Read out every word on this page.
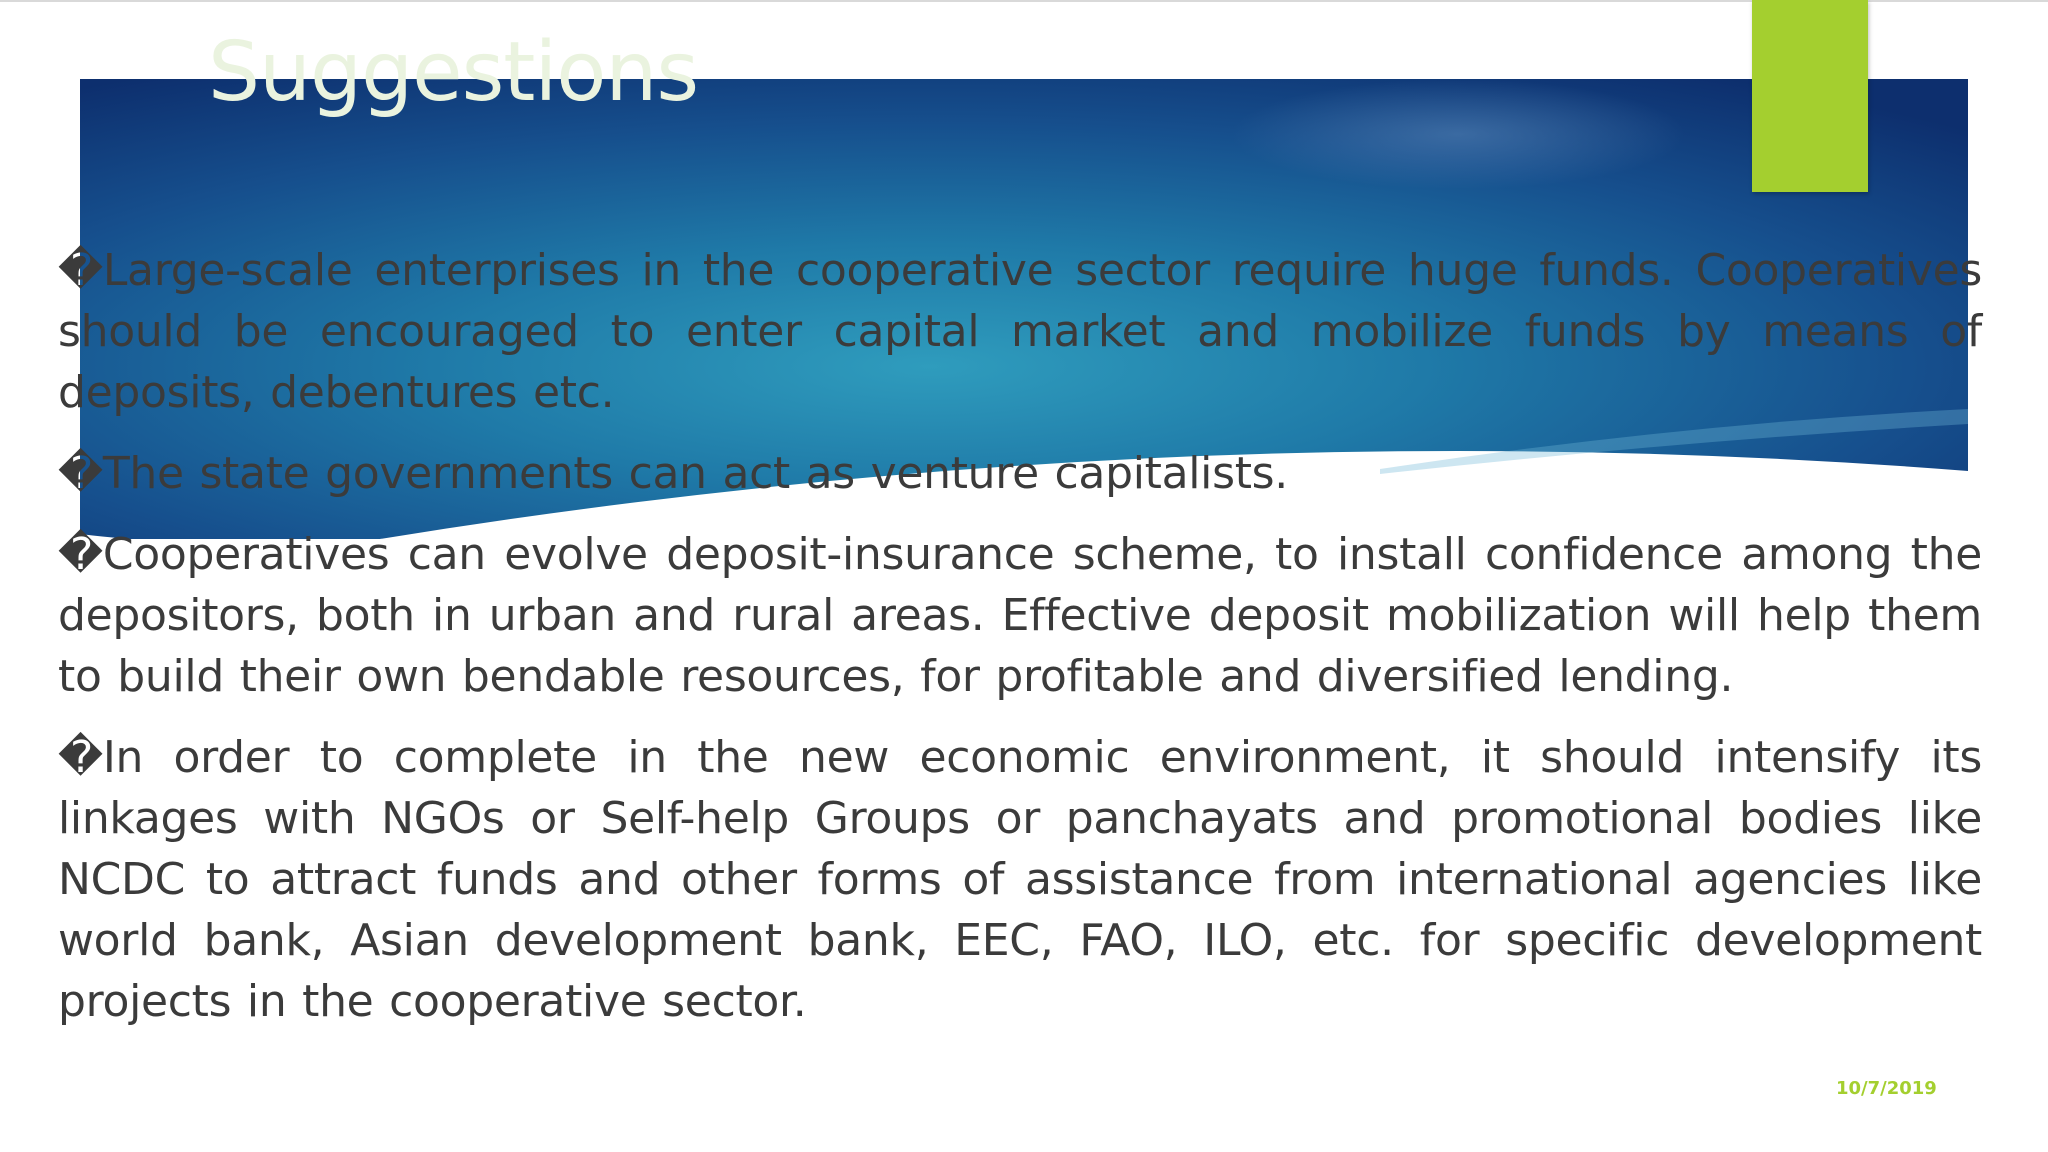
Suggestions
�Large-scale enterprises in the cooperative sector require huge funds. Cooperatives should be encouraged to enter capital market and mobilize funds by means of deposits, debentures etc.
�The state governments can act as venture capitalists.
�Cooperatives can evolve deposit-insurance scheme, to install confidence among the depositors, both in urban and rural areas. Effective deposit mobilization will help them to build their own bendable resources, for profitable and diversified lending.
�In order to complete in the new economic environment, it should intensify its linkages with NGOs or Self-help Groups or panchayats and promotional bodies like NCDC to attract funds and other forms of assistance from international agencies like world bank, Asian development bank, EEC, FAO, ILO, etc. for specific development projects in the cooperative sector.
10/7/2019
